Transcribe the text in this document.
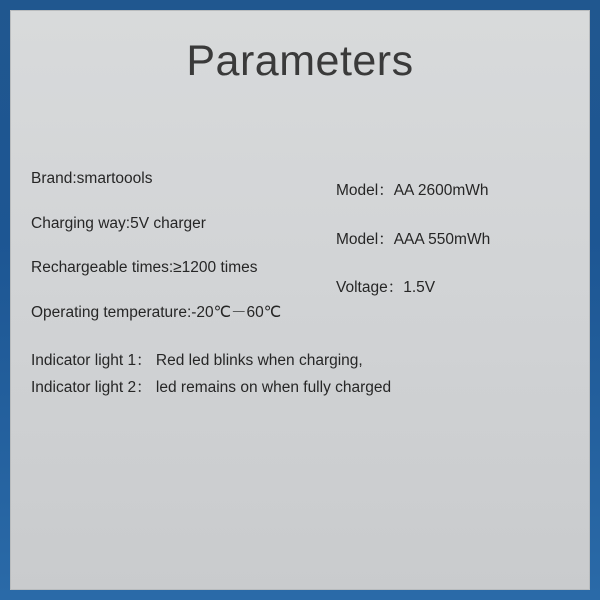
Parameters
Brand:smartoools
Charging way:5V charger
Rechargeable times:≥1200 times
Operating temperature:-20℃－60℃
Model：AA 2600mWh
Model：AAA 550mWh
Voltage：1.5V
Indicator light 1： Red led blinks when charging,
Indicator light 2： led remains on when fully charged
